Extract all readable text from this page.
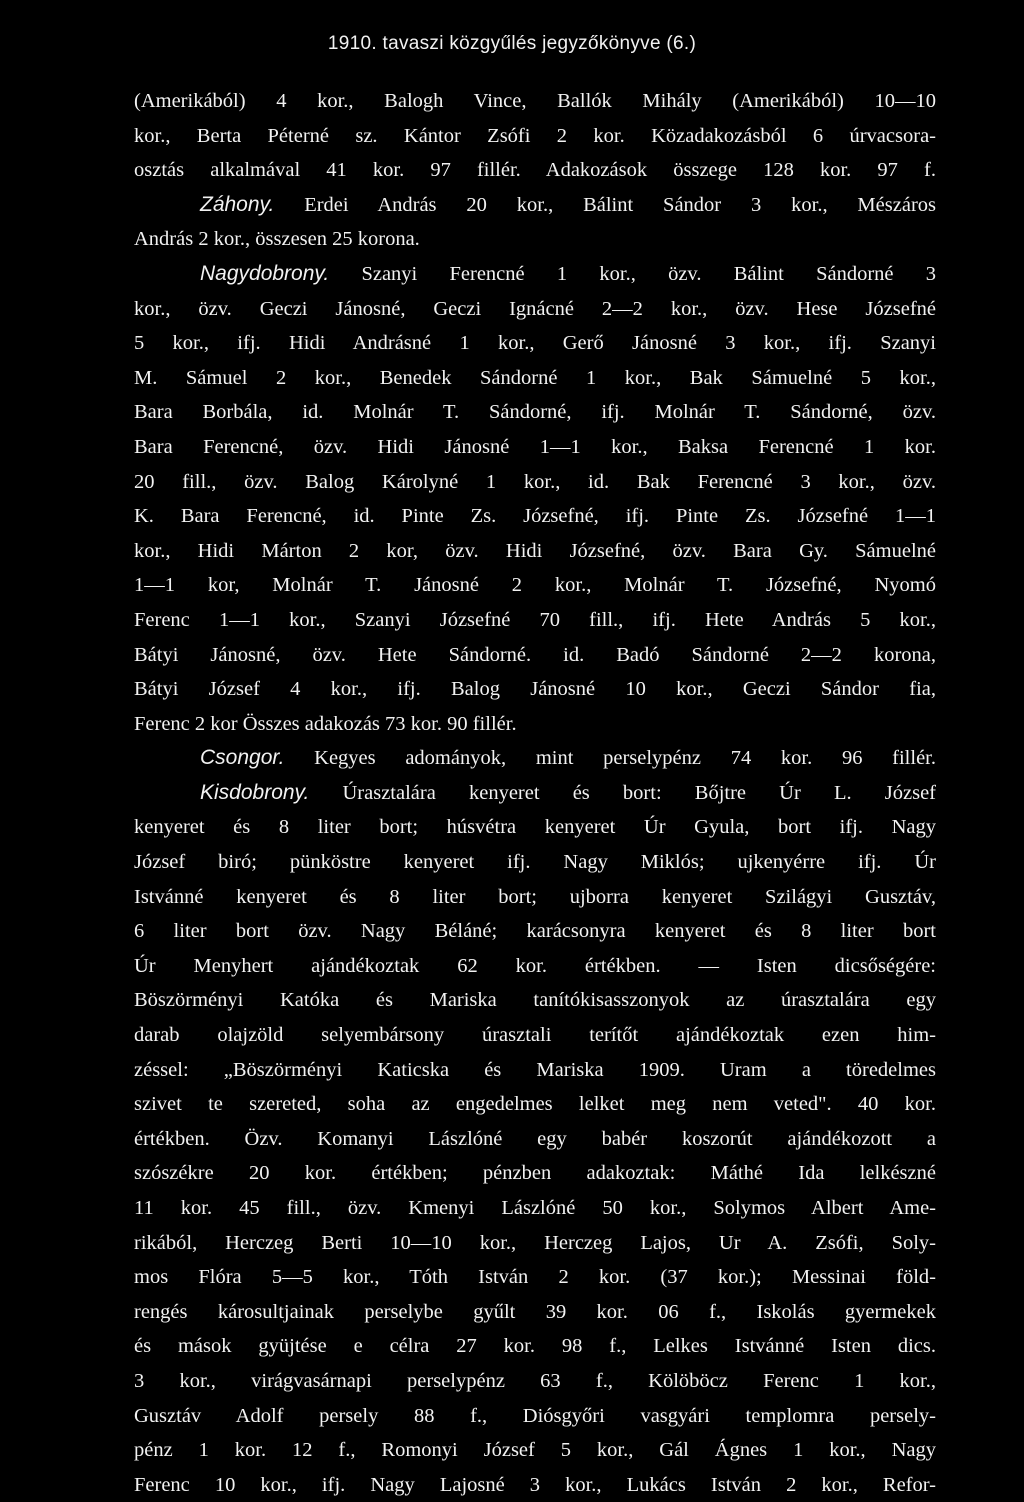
1910. tavaszi közgyűlés jegyzőkönyve (6.)
(Amerikából) 4 kor., Balogh Vince, Ballók Mihály (Amerikából) 10—10
kor., Berta Péterné sz. Kántor Zsófi 2 kor. Közadakozásból 6 úrvacsora-
osztás alkalmával 41 kor. 97 fillér. Adakozások összege 128 kor. 97 f.
Záhony. Erdei András 20 kor., Bálint Sándor 3 kor., Mészáros
András 2 kor., összesen 25 korona.
Nagydobrony. Szanyi Ferencné 1 kor., özv. Bálint Sándorné 3
kor., özv. Geczi Jánosné, Geczi Ignácné 2—2 kor., özv. Hese Józsefné
5 kor., ifj. Hidi Andrásné 1 kor., Gerő Jánosné 3 kor., ifj. Szanyi
M. Sámuel 2 kor., Benedek Sándorné 1 kor., Bak Sámuelné 5 kor.,
Bara Borbála, id. Molnár T. Sándorné, ifj. Molnár T. Sándorné, özv.
Bara Ferencné, özv. Hidi Jánosné 1—1 kor., Baksa Ferencné 1 kor.
20 fill., özv. Balog Károlyné 1 kor., id. Bak Ferencné 3 kor., özv.
K. Bara Ferencné, id. Pinte Zs. Józsefné, ifj. Pinte Zs. Józsefné 1—1
kor., Hidi Márton 2 kor, özv. Hidi Józsefné, özv. Bara Gy. Sámuelné
1—1 kor, Molnár T. Jánosné 2 kor., Molnár T. Józsefné, Nyomó
Ferenc 1—1 kor., Szanyi Józsefné 70 fill., ifj. Hete András 5 kor.,
Bátyi Jánosné, özv. Hete Sándorné. id. Badó Sándorné 2—2 korona,
Bátyi József 4 kor., ifj. Balog Jánosné 10 kor., Geczi Sándor fia,
Ferenc 2 kor Összes adakozás 73 kor. 90 fillér.
Csongor. Kegyes adományok, mint perselypénz 74 kor. 96 fillér.
Kisdobrony. Úrasztalára kenyeret és bort: Bőjtre Úr L. József
kenyeret és 8 liter bort; húsvétra kenyeret Úr Gyula, bort ifj. Nagy
József biró; pünköstre kenyeret ifj. Nagy Miklós; ujkenyérre ifj. Úr
Istvánné kenyeret és 8 liter bort; ujborra kenyeret Szilágyi Gusztáv,
6 liter bort özv. Nagy Béláné; karácsonyra kenyeret és 8 liter bort
Úr Menyhert ajándékoztak 62 kor. értékben. — Isten dicsőségére:
Böszörményi Katóka és Mariska tanítókisasszonyok az úrasztalára egy
darab olajzöld selyembársony úrasztali terítőt ajándékoztak ezen him-
zéssel: „Böszörményi Katicska és Mariska 1909. Uram a töredelmes
szivet te szereted, soha az engedelmes lelket meg nem veted". 40 kor.
értékben. Özv. Komanyi Lászlóné egy babér koszorút ajándékozott a
szószékre 20 kor. értékben; pénzben adakoztak: Máthé Ida lelkészné
11 kor. 45 fill., özv. Kmenyi Lászlóné 50 kor., Solymos Albert Ame-
rikából, Herczeg Berti 10—10 kor., Herczeg Lajos, Ur A. Zsófi, Soly-
mos Flóra 5—5 kor., Tóth István 2 kor. (37 kor.); Messinai föld-
rengés károsultjainak perselybe gyűlt 39 kor. 06 f., Iskolás gyermekek
és mások gyüjtése e célra 27 kor. 98 f., Lelkes Istvánné Isten dics.
3 kor., virágvasárnapi perselypénz 63 f., Kölöböcz Ferenc 1 kor.,
Gusztáv Adolf persely 88 f., Diósgyőri vasgyári templomra persely-
pénz 1 kor. 12 f., Romonyi József 5 kor., Gál Ágnes 1 kor., Nagy
Ferenc 10 kor., ifj. Nagy Lajosné 3 kor., Lukács István 2 kor., Refor-
